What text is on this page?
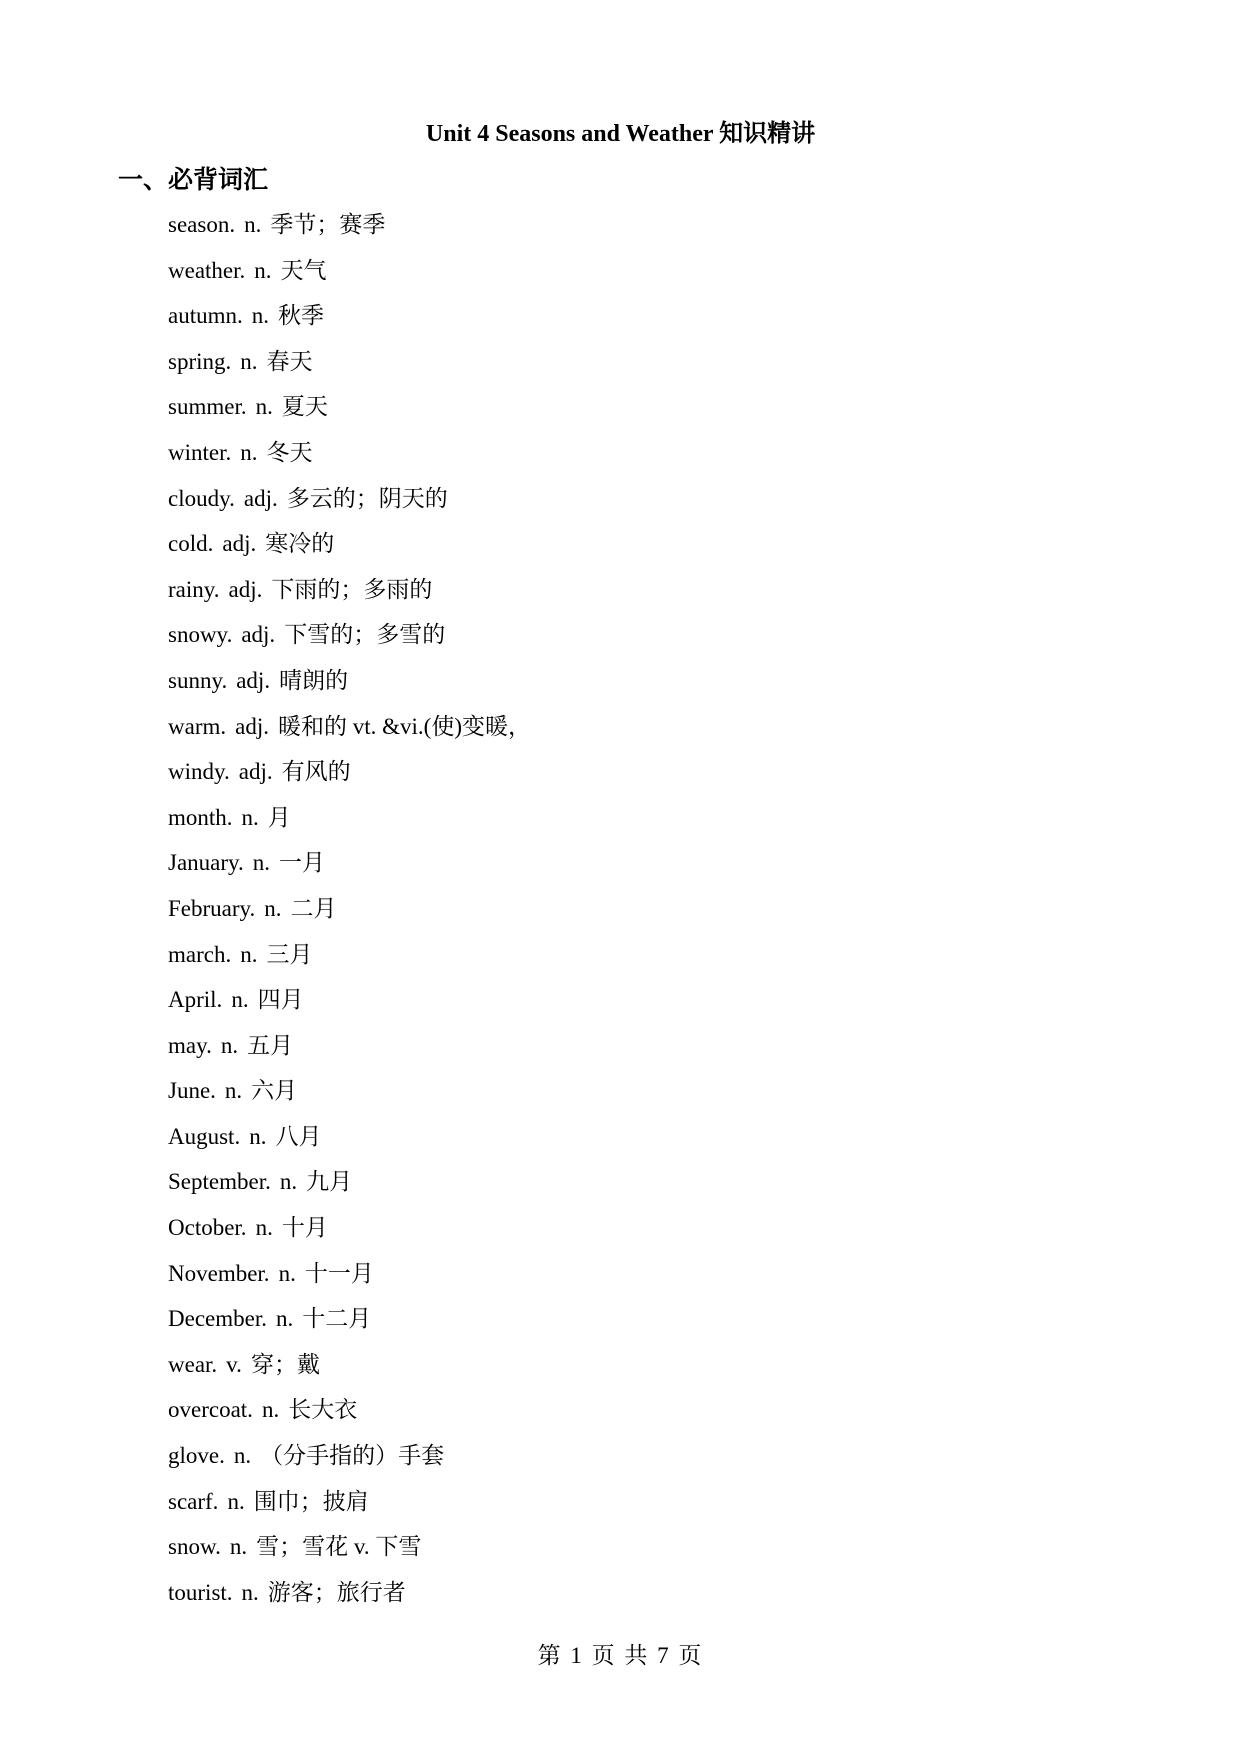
Unit 4 Seasons and Weather 知识精讲
一、必背词汇
season. n. 季节；赛季
weather. n. 天气
autumn. n. 秋季
spring. n. 春天
summer. n. 夏天
winter. n. 冬天
cloudy. adj. 多云的；阴天的
cold. adj. 寒冷的
rainy. adj. 下雨的；多雨的
snowy. adj. 下雪的；多雪的
sunny. adj. 晴朗的
warm. adj. 暖和的 vt. &vi.(使)变暖，
windy. adj. 有风的
month. n. 月
January. n. 一月
February. n. 二月
march. n. 三月
April. n. 四月
may. n. 五月
June. n. 六月
August. n. 八月
September. n. 九月
October. n. 十月
November. n. 十一月
December. n. 十二月
wear. v. 穿；戴
overcoat. n. 长大衣
glove. n. （分手指的）手套
scarf. n. 围巾；披肩
snow. n. 雪；雪花 v. 下雪
tourist. n. 游客；旅行者
第 1 页 共 7 页
